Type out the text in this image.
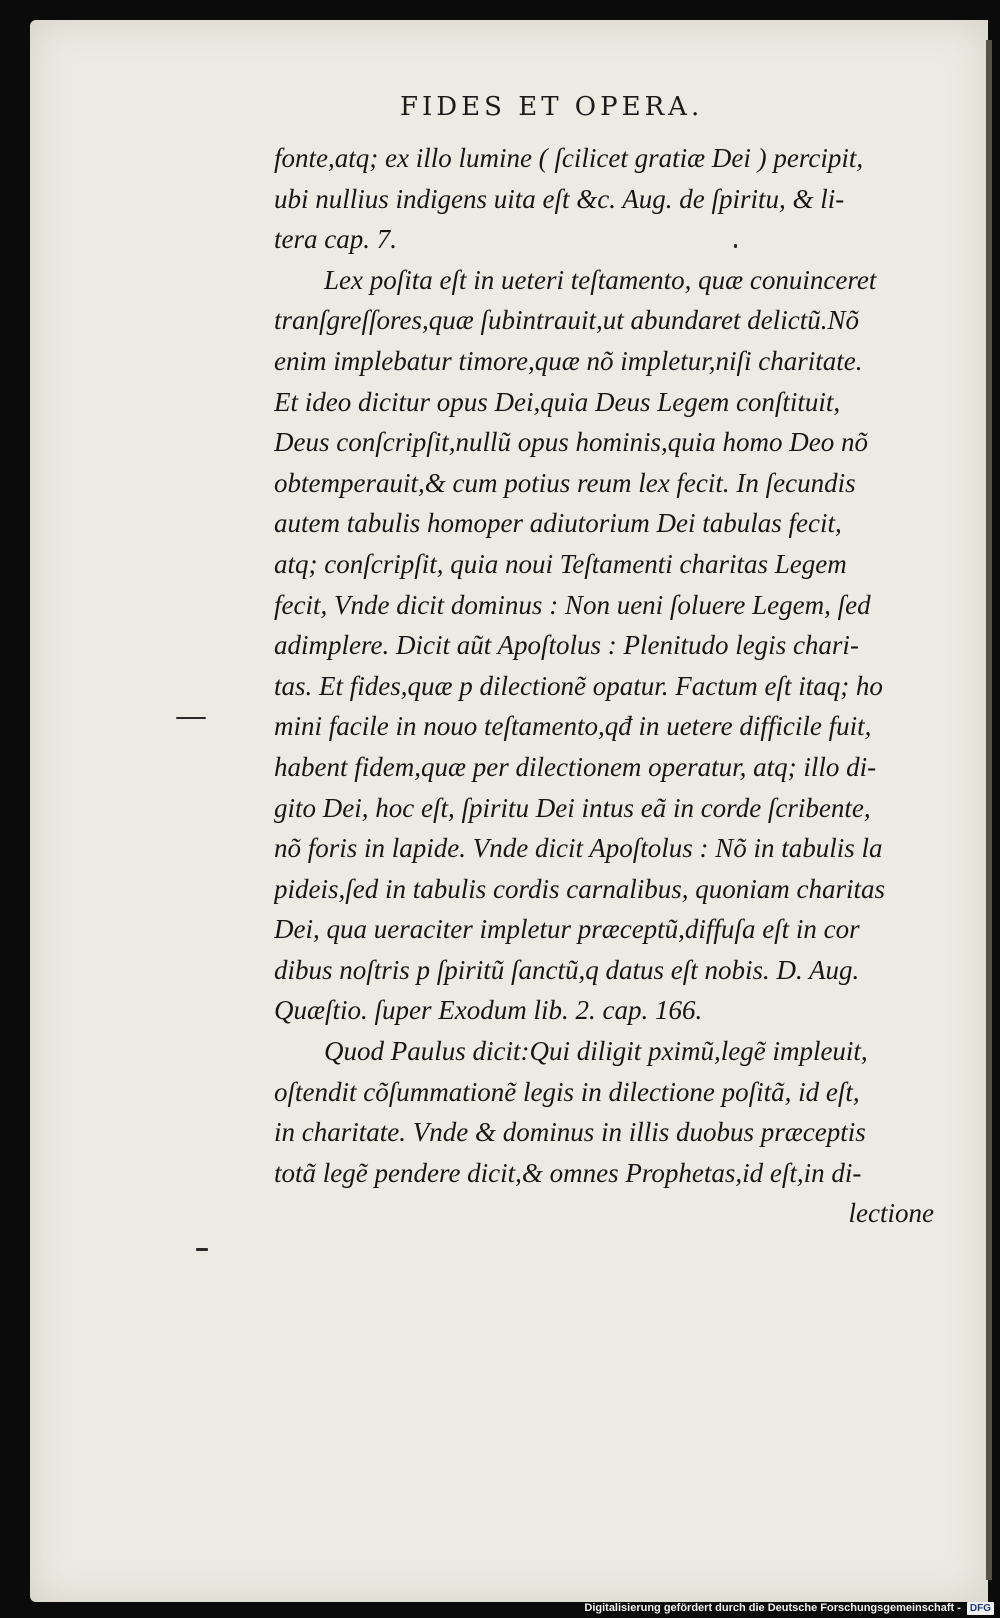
FIDES ET OPERA.
fonte,atq; ex illo lumine ( ſcilicet gratiæ Dei ) percipit,
ubi nullius indigens uita eſt &c. Aug. de ſpiritu, & li-
tera cap. 7.
Lex poſita eſt in ueteri teſtamento, quæ conuinceret
tranſgreſſores,quæ ſubintrauit,ut abundaret delictũ.Nõ
enim implebatur timore,quæ nõ impletur,niſi charitate.
Et ideo dicitur opus Dei,quia Deus Legem conſtituit,
Deus conſcripſit,nullũ opus hominis,quia homo Deo nõ
obtemperauit,& cum potius reum lex fecit. In ſecundis
autem tabulis homoper adiutorium Dei tabulas fecit,
atq; conſcripſit, quia noui Teſtamenti charitas Legem
fecit, Vnde dicit dominus : Non ueni ſoluere Legem, ſed
adimplere. Dicit aũt Apoſtolus : Plenitudo legis chari-
tas. Et fides,quæ p dilectionẽ opatur. Factum eſt itaq; ho
mini facile in nouo teſtamento,qđ in uetere difficile fuit,
habent fidem,quæ per dilectionem operatur, atq; illo di-
gito Dei, hoc eſt, ſpiritu Dei intus eã in corde ſcribente,
nõ foris in lapide. Vnde dicit Apoſtolus : Nõ in tabulis la
pideis,ſed in tabulis cordis carnalibus, quoniam charitas
Dei, qua ueraciter impletur præceptũ,diffuſa eſt in cor
dibus noſtris p ſpiritũ ſanctũ,q datus eſt nobis. D. Aug.
Quæſtio. ſuper Exodum lib. 2. cap. 166.
Quod Paulus dicit:Qui diligit pximũ,legẽ impleuit,
oſtendit cõſummationẽ legis in dilectione poſitã, id eſt,
in charitate. Vnde & dominus in illis duobus præceptis
totã legẽ pendere dicit,& omnes Prophetas,id eſt,in di-
lectione
Digitalisierung gefördert durch die Deutsche Forschungsgemeinschaft - DFG
